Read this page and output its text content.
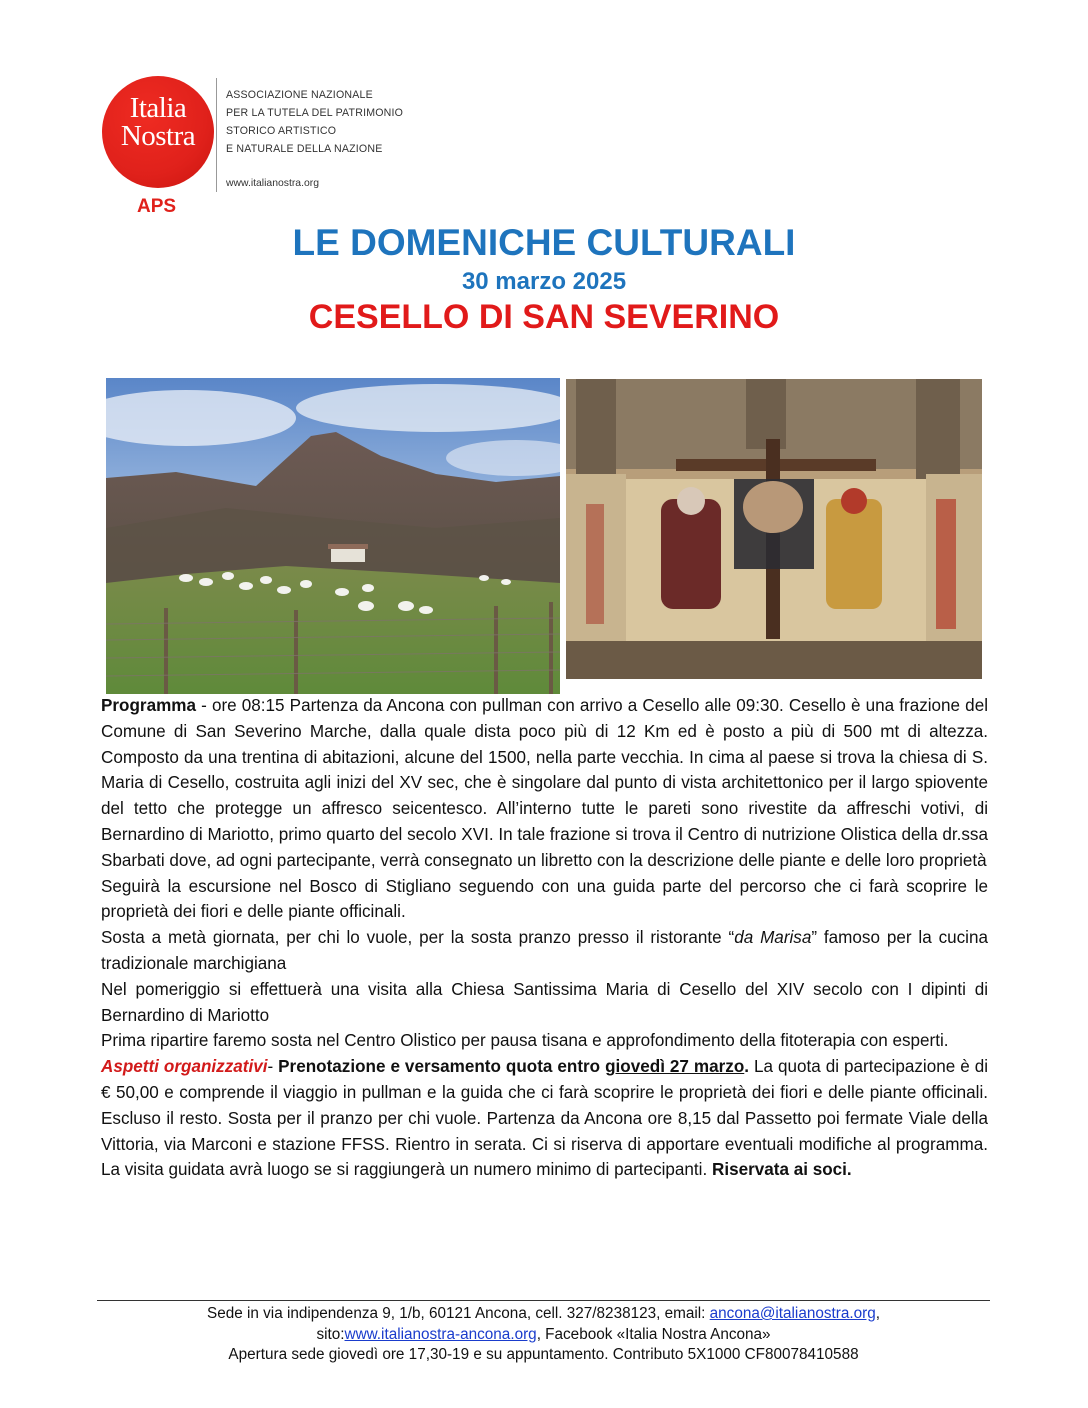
Italia
Nostra
APS
ASSOCIAZIONE NAZIONALE
PER LA TUTELA DEL PATRIMONIO
STORICO ARTISTICO
E NATURALE DELLA NAZIONE
www.italianostra.org
LE DOMENICHE CULTURALI
30 marzo 2025
CESELLO DI SAN SEVERINO

Programma - ore 08:15 Partenza da Ancona con pullman con arrivo a Cesello alle 09:30. Cesello è una frazione del Comune di San Severino Marche, dalla quale dista poco più di 12 Km ed è posto a più di 500 mt di altezza. Composto da una trentina di abitazioni, alcune del 1500, nella parte vecchia. In cima al paese si trova la chiesa di S. Maria di Cesello, costruita agli inizi del XV sec, che è singolare dal punto di vista architettonico per il largo spiovente del tetto che protegge un affresco seicentesco. All’interno tutte le pareti sono rivestite da affreschi votivi, di Bernardino di Mariotto, primo quarto del secolo XVI. In tale frazione si trova il Centro di nutrizione Olistica della dr.ssa Sbarbati dove, ad ogni partecipante, verrà consegnato un libretto con la descrizione delle piante e delle loro proprietà

Seguirà la escursione nel Bosco di Stigliano seguendo con una guida parte del percorso che ci farà scoprire le proprietà dei fiori e delle piante officinali.

Sosta a metà giornata, per chi lo vuole, per la sosta pranzo presso il ristorante “da Marisa” famoso per la cucina tradizionale marchigiana

Nel pomeriggio si effettuerà una visita alla Chiesa Santissima Maria di Cesello del XIV secolo con I dipinti di Bernardino di Mariotto

Prima ripartire faremo sosta nel Centro Olistico per pausa tisana e approfondimento della fitoterapia con esperti.

Aspetti organizzativi- Prenotazione e versamento quota entro giovedì 27 marzo. La quota di partecipazione è di € 50,00 e comprende il viaggio in pullman e la guida che ci farà scoprire le proprietà dei fiori e delle piante officinali. Escluso il resto. Sosta per il pranzo per chi vuole. Partenza da Ancona ore 8,15 dal Passetto poi fermate Viale della Vittoria, via Marconi e stazione FFSS. Rientro in serata. Ci si riserva di apportare eventuali modifiche al programma. La visita guidata avrà luogo se si raggiungerà un numero minimo di partecipanti. Riservata ai soci.

Sede in via indipendenza 9, 1/b, 60121 Ancona, cell. 327/8238123, email: ancona@italianostra.org,
sito:www.italianostra-ancona.org, Facebook «Italia Nostra Ancona»
Apertura sede giovedì ore 17,30-19 e su appuntamento. Contributo 5X1000 CF80078410588
